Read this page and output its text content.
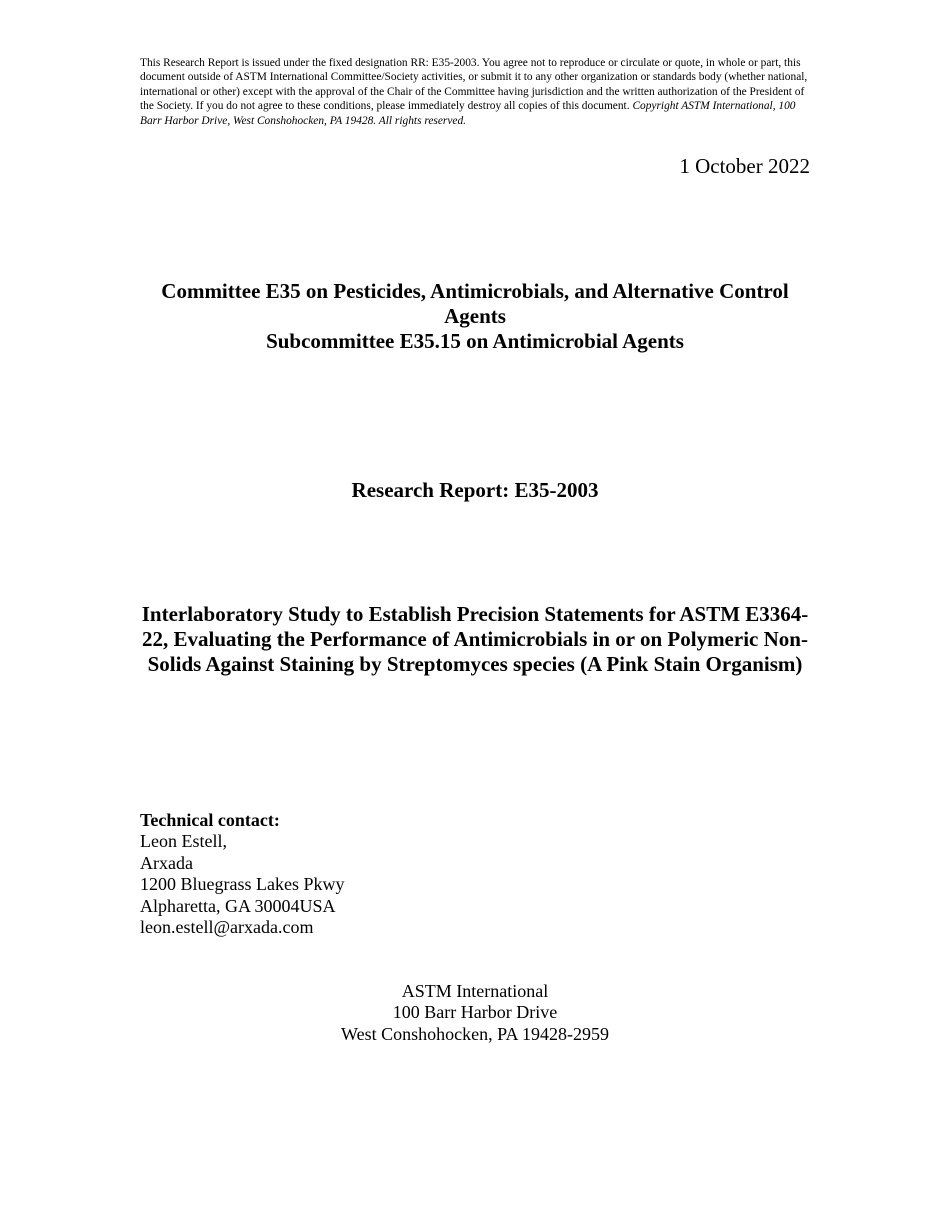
This Research Report is issued under the fixed designation RR: E35-2003. You agree not to reproduce or circulate or quote, in whole or part, this document outside of ASTM International Committee/Society activities, or submit it to any other organization or standards body (whether national, international or other) except with the approval of the Chair of the Committee having jurisdiction and the written authorization of the President of the Society. If you do not agree to these conditions, please immediately destroy all copies of this document. Copyright ASTM International, 100 Barr Harbor Drive, West Conshohocken, PA 19428. All rights reserved.
1 October 2022
Committee E35 on Pesticides, Antimicrobials, and Alternative Control Agents
Subcommittee E35.15 on Antimicrobial Agents
Research Report: E35-2003
Interlaboratory Study to Establish Precision Statements for ASTM E3364-22, Evaluating the Performance of Antimicrobials in or on Polymeric Non-Solids Against Staining by Streptomyces species (A Pink Stain Organism)
Technical contact:
Leon Estell,
Arxada
1200 Bluegrass Lakes Pkwy
Alpharetta, GA 30004USA
leon.estell@arxada.com
ASTM International
100 Barr Harbor Drive
West Conshohocken, PA 19428-2959
